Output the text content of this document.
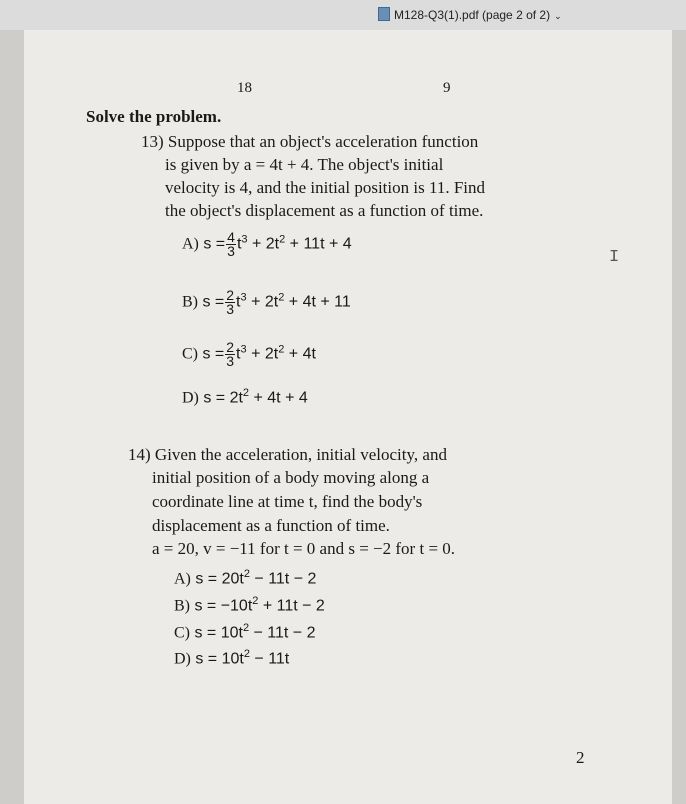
M128-Q3(1).pdf (page 2 of 2) ⌄
18	9
Solve the problem.
13) Suppose that an object's acceleration function
is given by a = 4t + 4. The object's initial
velocity is 4, and the initial position is 11. Find
the object's displacement as a function of time.
A) $s = \frac{4}{3} t^3 + 2t^2 + 11t + 4$
B) $s = \frac{2}{3} t^3 + 2t^2 + 4t + 11$
C) $s = \frac{2}{3} t^3 + 2t^2 + 4t$
D) $s = 2t^2 + 4t + 4$
14) Given the acceleration, initial velocity, and
initial position of a body moving along a
coordinate line at time t, find the body's
displacement as a function of time.
a = 20, v = −11 for t = 0 and s = −2 for t = 0.
A) $s = 20t^2 - 11t - 2$
B) $s = -10t^2 + 11t - 2$
C) $s = 10t^2 - 11t - 2$
D) $s = 10t^2 - 11t$
I
2
